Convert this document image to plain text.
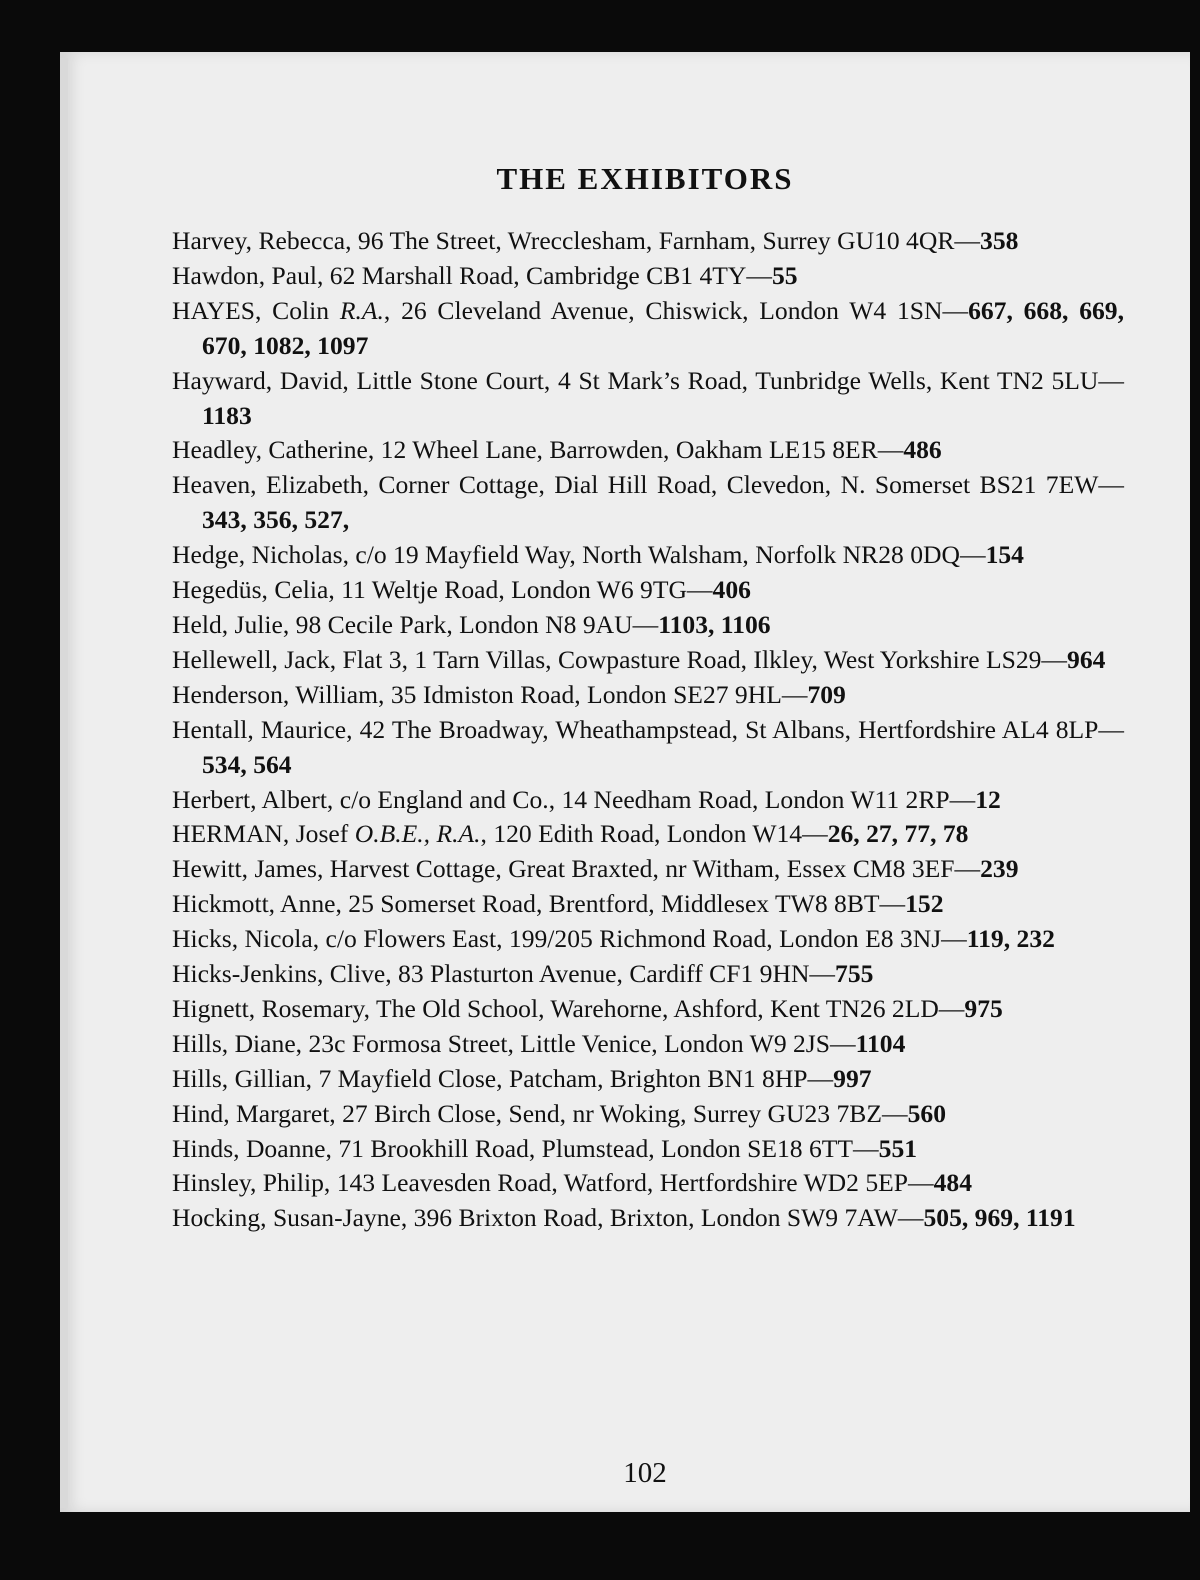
THE EXHIBITORS
Harvey, Rebecca, 96 The Street, Wrecclesham, Farnham, Surrey GU10 4QR—358
Hawdon, Paul, 62 Marshall Road, Cambridge CB1 4TY—55
HAYES, Colin R.A., 26 Cleveland Avenue, Chiswick, London W4 1SN—667, 668, 669, 670, 1082, 1097
Hayward, David, Little Stone Court, 4 St Mark’s Road, Tunbridge Wells, Kent TN2 5LU—1183
Headley, Catherine, 12 Wheel Lane, Barrowden, Oakham LE15 8ER—486
Heaven, Elizabeth, Corner Cottage, Dial Hill Road, Clevedon, N. Somerset BS21 7EW—343, 356, 527,
Hedge, Nicholas, c/o 19 Mayfield Way, North Walsham, Norfolk NR28 0DQ—154
Hegedüs, Celia, 11 Weltje Road, London W6 9TG—406
Held, Julie, 98 Cecile Park, London N8 9AU—1103, 1106
Hellewell, Jack, Flat 3, 1 Tarn Villas, Cowpasture Road, Ilkley, West Yorkshire LS29—964
Henderson, William, 35 Idmiston Road, London SE27 9HL—709
Hentall, Maurice, 42 The Broadway, Wheathampstead, St Albans, Hertfordshire AL4 8LP—534, 564
Herbert, Albert, c/o England and Co., 14 Needham Road, London W11 2RP—12
HERMAN, Josef O.B.E., R.A., 120 Edith Road, London W14—26, 27, 77, 78
Hewitt, James, Harvest Cottage, Great Braxted, nr Witham, Essex CM8 3EF—239
Hickmott, Anne, 25 Somerset Road, Brentford, Middlesex TW8 8BT—152
Hicks, Nicola, c/o Flowers East, 199/205 Richmond Road, London E8 3NJ—119, 232
Hicks-Jenkins, Clive, 83 Plasturton Avenue, Cardiff CF1 9HN—755
Hignett, Rosemary, The Old School, Warehorne, Ashford, Kent TN26 2LD—975
Hills, Diane, 23c Formosa Street, Little Venice, London W9 2JS—1104
Hills, Gillian, 7 Mayfield Close, Patcham, Brighton BN1 8HP—997
Hind, Margaret, 27 Birch Close, Send, nr Woking, Surrey GU23 7BZ—560
Hinds, Doanne, 71 Brookhill Road, Plumstead, London SE18 6TT—551
Hinsley, Philip, 143 Leavesden Road, Watford, Hertfordshire WD2 5EP—484
Hocking, Susan-Jayne, 396 Brixton Road, Brixton, London SW9 7AW—505, 969, 1191
102
